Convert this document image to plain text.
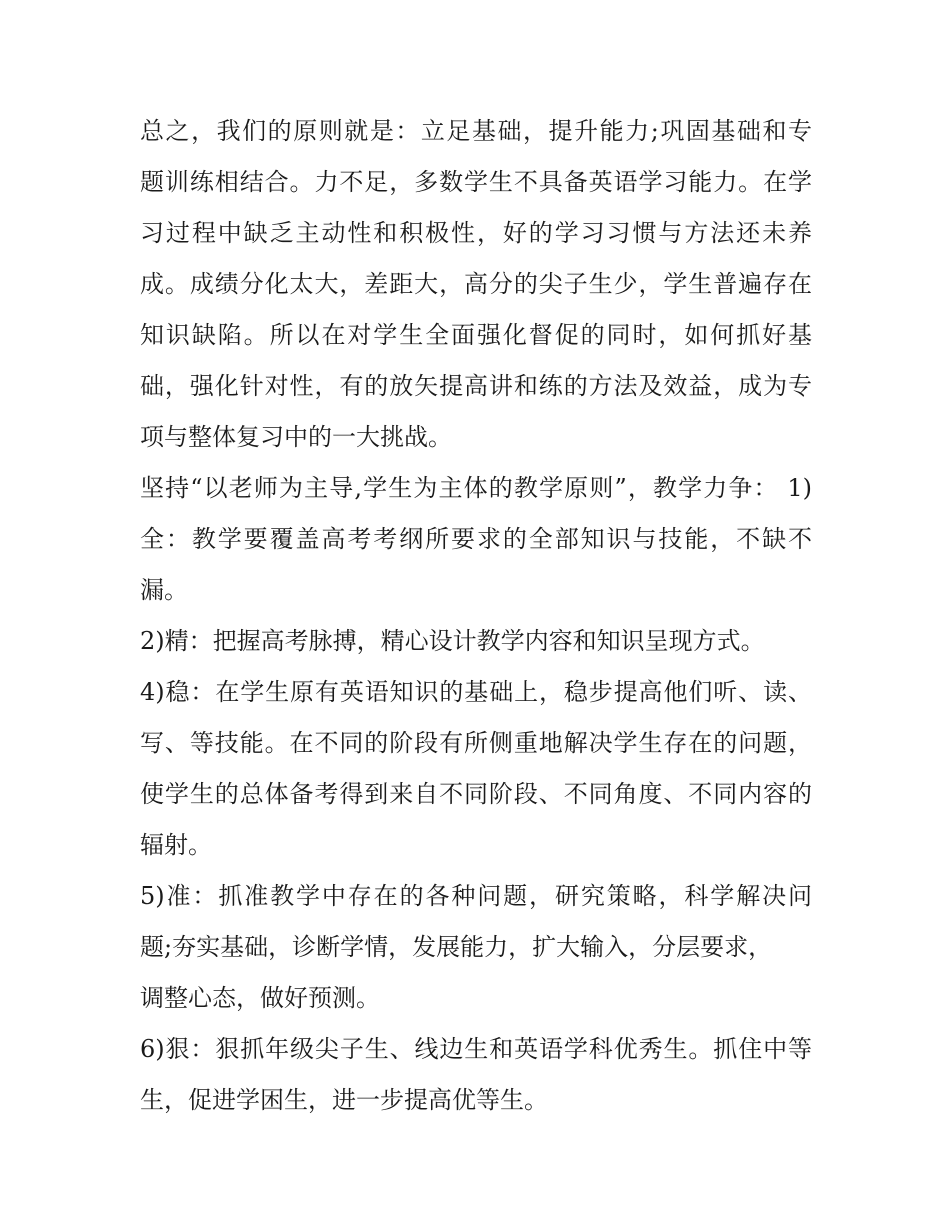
总之，我们的原则就是：立足基础，提升能力;巩固基础和专
题训练相结合。力不足，多数学生不具备英语学习能力。在学
习过程中缺乏主动性和积极性，好的学习习惯与方法还未养
成。成绩分化太大，差距大，高分的尖子生少，学生普遍存在
知识缺陷。所以在对学生全面强化督促的同时，如何抓好基
础，强化针对性，有的放矢提高讲和练的方法及效益，成为专
项与整体复习中的一大挑战。
坚持“以老师为主导,学生为主体的教学原则”，教学力争： 1)
全：教学要覆盖高考考纲所要求的全部知识与技能，不缺不
漏。
2)精：把握高考脉搏，精心设计教学内容和知识呈现方式。
4)稳：在学生原有英语知识的基础上，稳步提高他们听、读、
写、等技能。在不同的阶段有所侧重地解决学生存在的问题，
使学生的总体备考得到来自不同阶段、不同角度、不同内容的
辐射。
5)准：抓准教学中存在的各种问题，研究策略，科学解决问
题;夯实基础，诊断学情，发展能力，扩大输入，分层要求，
调整心态，做好预测。
6)狠：狠抓年级尖子生、线边生和英语学科优秀生。抓住中等
生，促进学困生，进一步提高优等生。
